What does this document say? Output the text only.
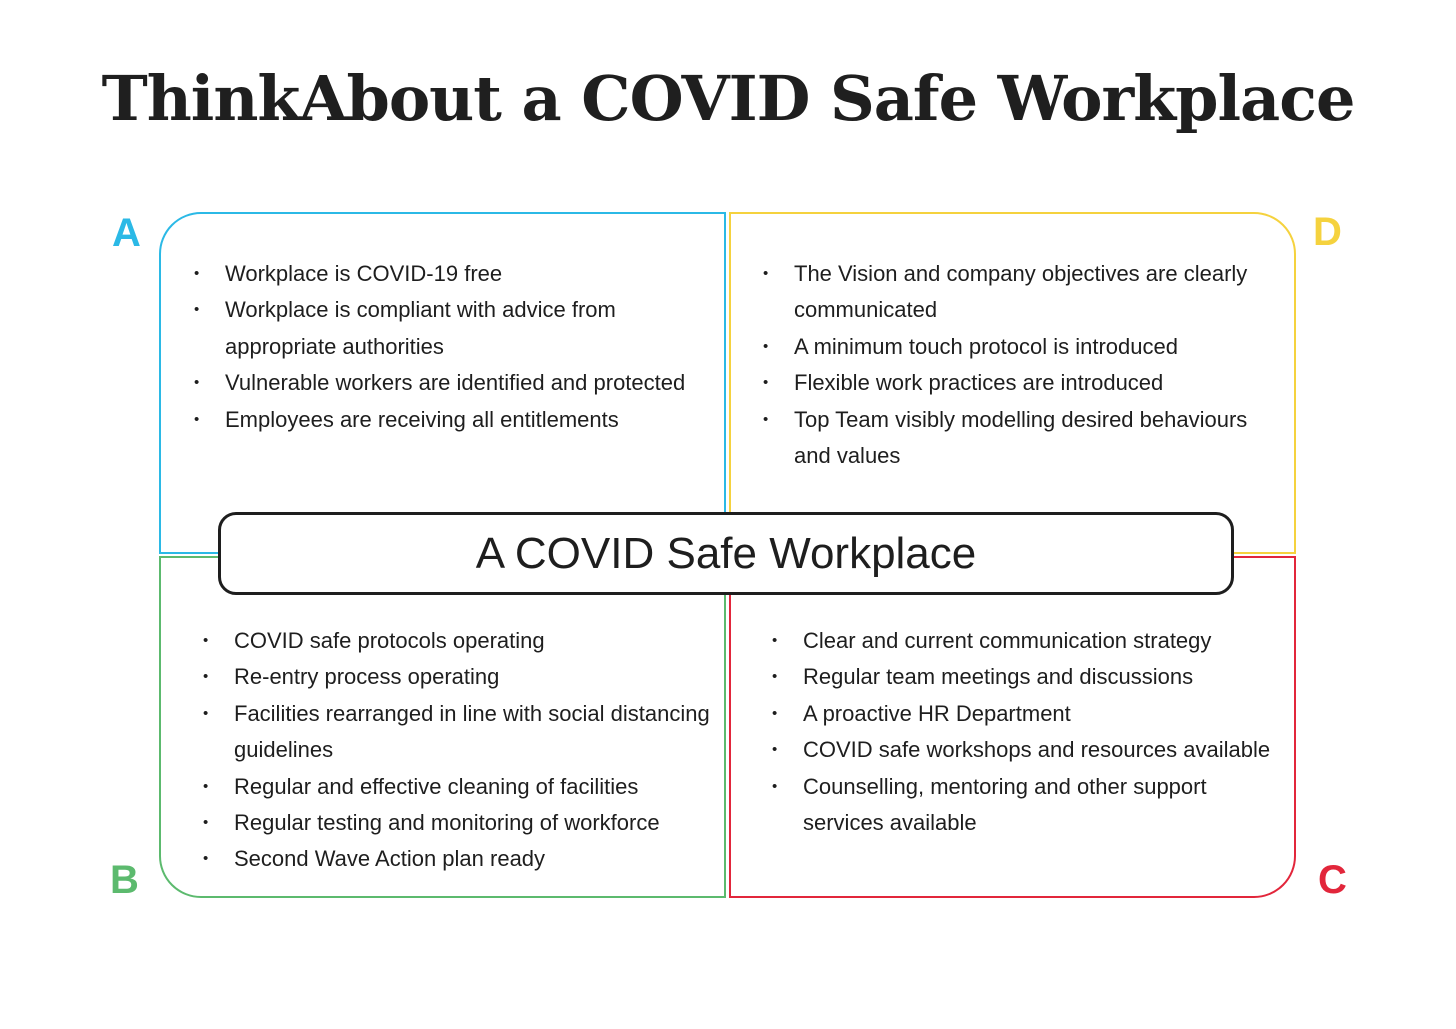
ThinkAbout a COVID Safe Workplace
A	D
B	C
• Workplace is COVID-19 free
• Workplace is compliant with advice from appropriate authorities
• Vulnerable workers are identified and protected
• Employees are receiving all entitlements
• The Vision and company objectives are clearly communicated
• A minimum touch protocol is introduced
• Flexible work practices are introduced
• Top Team visibly modelling desired behaviours and values
• COVID safe protocols operating
• Re-entry process operating
• Facilities rearranged in line with social distancing guidelines
• Regular and effective cleaning of facilities
• Regular testing and monitoring of workforce
• Second Wave Action plan ready
• Clear and current communication strategy
• Regular team meetings and discussions
• A proactive HR Department
• COVID safe workshops and resources available
• Counselling, mentoring and other support services available
A COVID Safe Workplace
